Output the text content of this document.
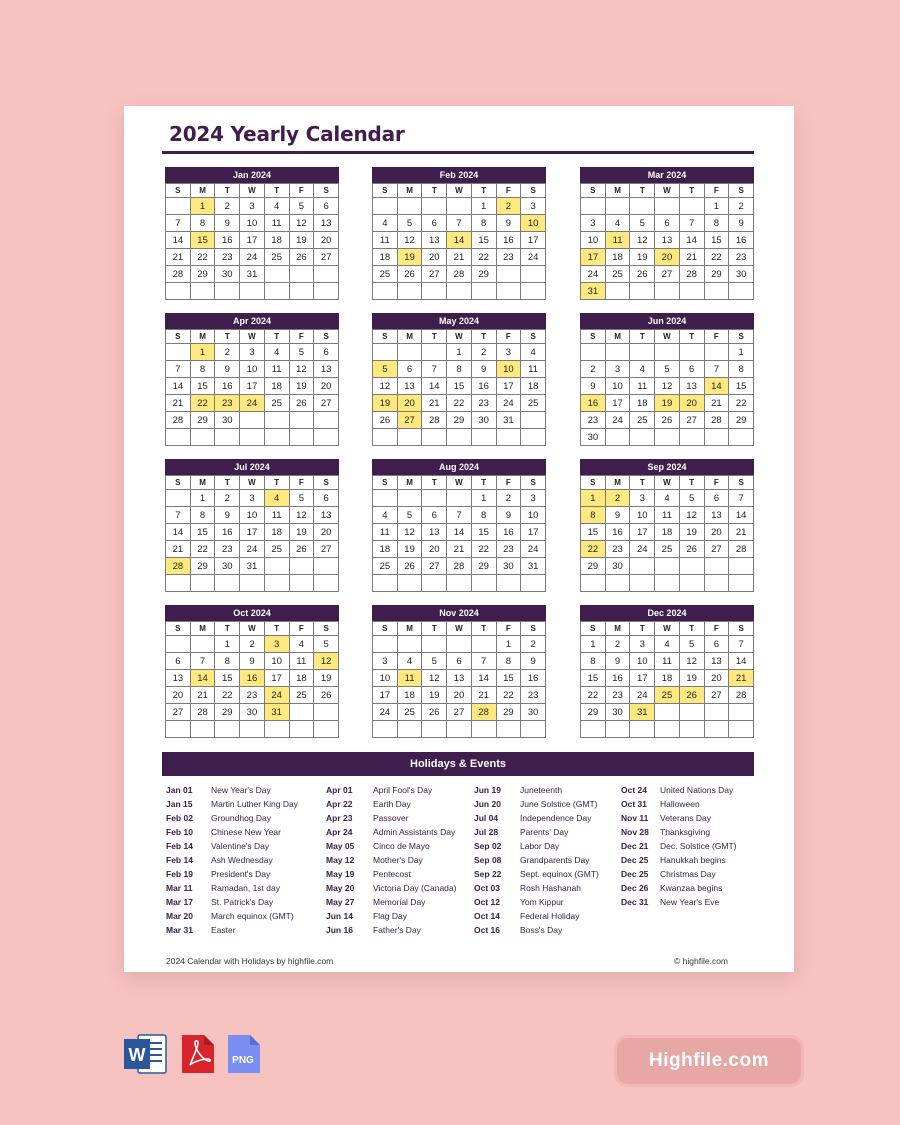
2024 Yearly Calendar
Jan 2024
S	M	T	W	T	F	S
	1	2	3	4	5	6
7	8	9	10	11	12	13
14	15	16	17	18	19	20
21	22	23	24	25	26	27
28	29	30	31			

Feb 2024
S	M	T	W	T	F	S
				1	2	3
4	5	6	7	8	9	10
11	12	13	14	15	16	17
18	19	20	21	22	23	24
25	26	27	28	29		

Mar 2024
S	M	T	W	T	F	S
					1	2
3	4	5	6	7	8	9
10	11	12	13	14	15	16
17	18	19	20	21	22	23
24	25	26	27	28	29	30
31						
Apr 2024
S	M	T	W	T	F	S
	1	2	3	4	5	6
7	8	9	10	11	12	13
14	15	16	17	18	19	20
21	22	23	24	25	26	27
28	29	30				

May 2024
S	M	T	W	T	F	S
			1	2	3	4
5	6	7	8	9	10	11
12	13	14	15	16	17	18
19	20	21	22	23	24	25
26	27	28	29	30	31	

Jun 2024
S	M	T	W	T	F	S
						1
2	3	4	5	6	7	8
9	10	11	12	13	14	15
16	17	18	19	20	21	22
23	24	25	26	27	28	29
30						
Jul 2024
S	M	T	W	T	F	S
	1	2	3	4	5	6
7	8	9	10	11	12	13
14	15	16	17	18	19	20
21	22	23	24	25	26	27
28	29	30	31			

Aug 2024
S	M	T	W	T	F	S
				1	2	3
4	5	6	7	8	9	10
11	12	13	14	15	16	17
18	19	20	21	22	23	24
25	26	27	28	29	30	31

Sep 2024
S	M	T	W	T	F	S
1	2	3	4	5	6	7
8	9	10	11	12	13	14
15	16	17	18	19	20	21
22	23	24	25	26	27	28
29	30					

Oct 2024
S	M	T	W	T	F	S
		1	2	3	4	5
6	7	8	9	10	11	12
13	14	15	16	17	18	19
20	21	22	23	24	25	26
27	28	29	30	31		

Nov 2024
S	M	T	W	T	F	S
					1	2
3	4	5	6	7	8	9
10	11	12	13	14	15	16
17	18	19	20	21	22	23
24	25	26	27	28	29	30

Dec 2024
S	M	T	W	T	F	S
1	2	3	4	5	6	7
8	9	10	11	12	13	14
15	16	17	18	19	20	21
22	23	24	25	26	27	28
29	30	31				

Holidays & Events
Jan 01 New Year's Day
Jan 15 Martin Luther King Day
Feb 02 Groundhog Day
Feb 10 Chinese New Year
Feb 14 Valentine's Day
Feb 14 Ash Wednesday
Feb 19 President's Day
Mar 11 Ramadan, 1st day
Mar 17 St. Patrick's Day
Mar 20 March equinox (GMT)
Mar 31 Easter
Apr 01 April Fool's Day
Apr 22 Earth Day
Apr 23 Passover
Apr 24 Admin Assistants Day
May 05 Cinco de Mayo
May 12 Mother's Day
May 19 Pentecost
May 20 Victoria Day (Canada)
May 27 Memorial Day
Jun 14 Flag Day
Jun 16 Father's Day
Jun 19 Juneteenth
Jun 20 June Solstice (GMT)
Jul 04	Independence Day
Jul 28	Parents' Day
Sep 02 Labor Day
Sep 08 Grandparents Day
Sep 22 Sept. equinox (GMT)
Oct 03 Rosh Hashanah
Oct 12 Yom Kippur
Oct 14 Federal Holiday
Oct 16 Boss's Day
Oct 24 United Nations Day
Oct 31 Halloween
Nov 11 Veterans Day
Nov 28 Thanksgiving
Dec 21 Dec. Solstice (GMT)
Dec 25 Hanukkah begins
Dec 25 Christmas Day
Dec 26 Kwanzaa begins
Dec 31 New Year's Eve
2024 Calendar with Holidays by highfile.com	© highfile.com
W
PDF
PNG	Highfile.com
